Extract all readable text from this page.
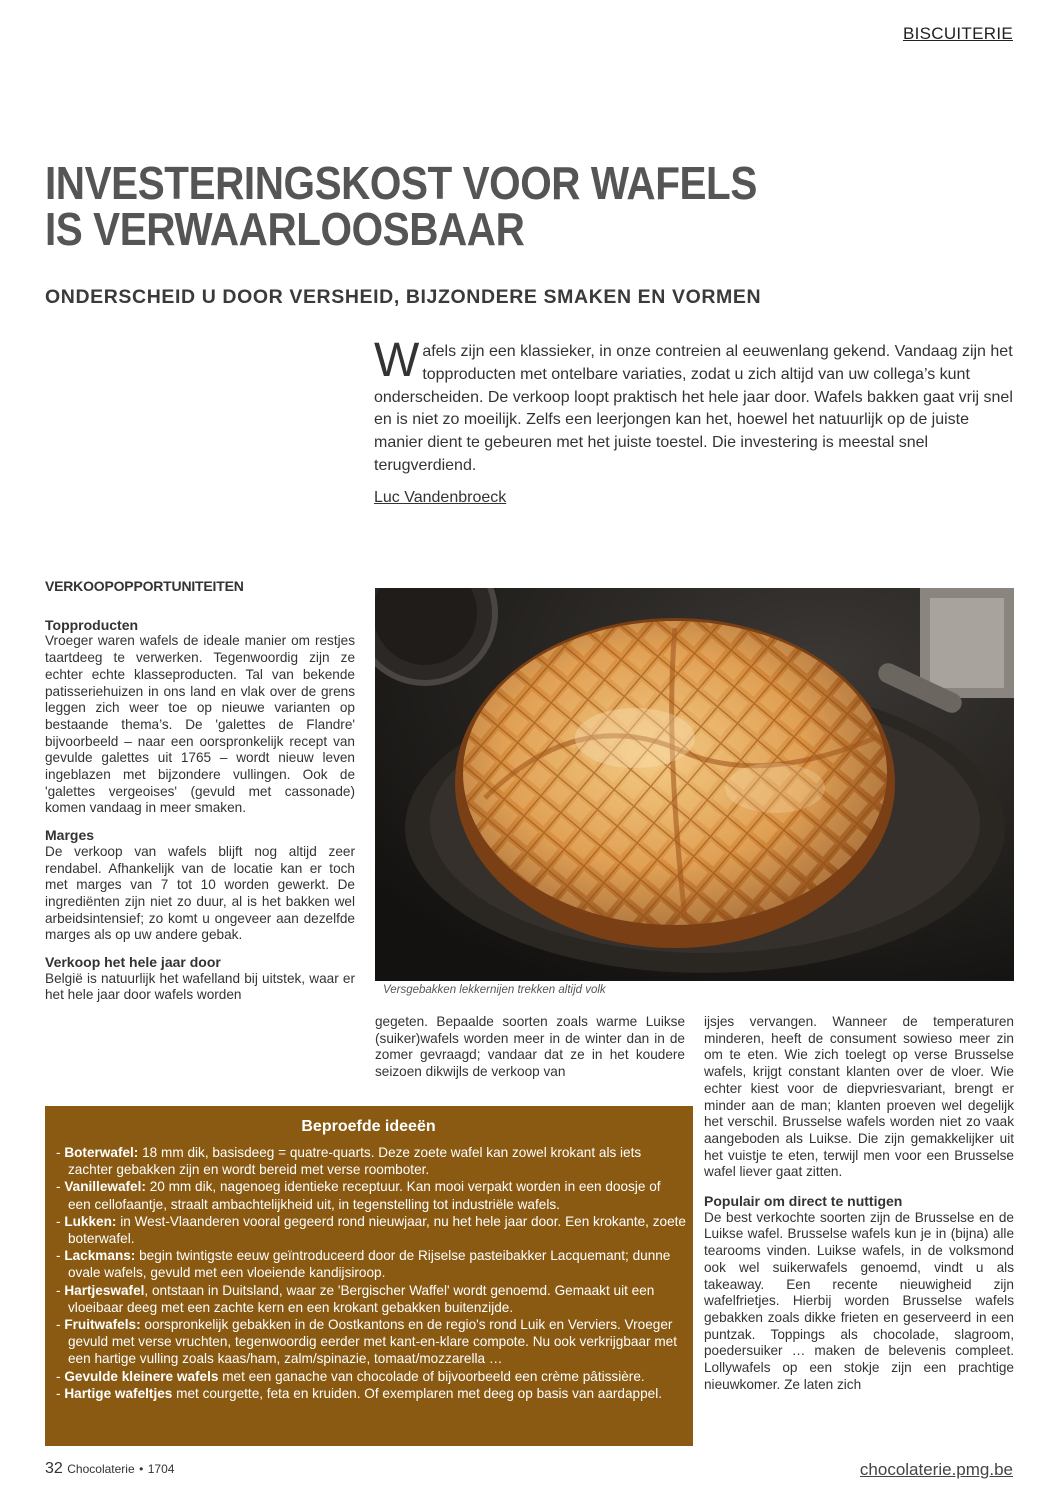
BISCUITERIE
INVESTERINGSKOST VOOR WAFELS
IS VERWAARLOOSBAAR
ONDERSCHEID U DOOR VERSHEID, BIJZONDERE SMAKEN EN VORMEN
Wafels zijn een klassieker, in onze contreien al eeuwenlang gekend. Vandaag zijn het topproducten met ontelbare variaties, zodat u zich altijd van uw collega’s kunt onderscheiden. De verkoop loopt praktisch het hele jaar door. Wafels bakken gaat vrij snel en is niet zo moeilijk. Zelfs een leerjongen kan het, hoewel het natuurlijk op de juiste manier dient te gebeuren met het juiste toestel. Die investering is meestal snel terugverdiend.
Luc Vandenbroeck
VERKOOPOPPORTUNITEITEN
Topproducten

Vroeger waren wafels de ideale manier om restjes taartdeeg te verwerken. Tegenwoordig zijn ze echter echte klasseproducten. Tal van bekende patisseriehuizen in ons land en vlak over de grens leggen zich weer toe op nieuwe varianten op bestaande thema’s. De 'galettes de Flandre' bijvoorbeeld – naar een oorspronkelijk recept van gevulde galettes uit 1765 – wordt nieuw leven ingeblazen met bijzondere vullingen. Ook de 'galettes vergeoises' (gevuld met cassonade) komen vandaag in meer smaken.

Marges

De verkoop van wafels blijft nog altijd zeer rendabel. Afhankelijk van de locatie kan er toch met marges van 7 tot 10 worden gewerkt. De ingrediënten zijn niet zo duur, al is het bakken wel arbeidsintensief; zo komt u ongeveer aan dezelfde marges als op uw andere gebak.

Verkoop het hele jaar door

België is natuurlijk het wafelland bij uitstek, waar er het hele jaar door wafels worden	Versgebakken lekkernijen trekken altijd volk

gegeten. Bepaalde soorten zoals warme Luikse (suiker)wafels worden meer in de winter dan in de zomer gevraagd; vandaar dat ze in het koudere seizoen dikwijls de verkoop van

ijsjes vervangen. Wanneer de temperaturen minderen, heeft de consument sowieso meer zin om te eten. Wie zich toelegt op verse Brusselse wafels, krijgt constant klanten over de vloer. Wie echter kiest voor de diepvriesvariant, brengt er minder aan de man; klanten proeven wel degelijk het verschil. Brusselse wafels worden niet zo vaak aangeboden als Luikse. Die zijn gemakkelijker uit het vuistje te eten, terwijl men voor een Brusselse wafel liever gaat zitten.

Populair om direct te nuttigen

De best verkochte soorten zijn de Brusselse en de Luikse wafel. Brusselse wafels kun je in (bijna) alle tearooms vinden. Luikse wafels, in de volksmond ook wel suikerwafels genoemd, vindt u als takeaway. Een recente nieuwigheid zijn wafelfrietjes. Hierbij worden Brusselse wafels gebakken zoals dikke frieten en geserveerd in een puntzak. Toppings als chocolade, slagroom, poedersuiker … maken de belevenis compleet. Lollywafels op een stokje zijn een prachtige nieuwkomer. Ze laten zich

Beproefde ideeën
- Boterwafel: 18 mm dik, basisdeeg = quatre-quarts. Deze zoete wafel kan zowel krokant als iets zachter gebakken zijn en wordt bereid met verse roomboter.
- Vanillewafel: 20 mm dik, nagenoeg identieke receptuur. Kan mooi verpakt worden in een doosje of een cellofaantje, straalt ambachtelijkheid uit, in tegenstelling tot industriële wafels.
- Lukken: in West-Vlaanderen vooral gegeerd rond nieuwjaar, nu het hele jaar door. Een krokante, zoete boterwafel.
- Lackmans: begin twintigste eeuw geïntroduceerd door de Rijselse pasteibakker Lacquemant; dunne ovale wafels, gevuld met een vloeiende kandijsiroop.
- Hartjeswafel, ontstaan in Duitsland, waar ze 'Bergischer Waffel' wordt genoemd. Gemaakt uit een vloeibaar deeg met een zachte kern en een krokant gebakken buitenzijde.
- Fruitwafels: oorspronkelijk gebakken in de Oostkantons en de regio's rond Luik en Verviers. Vroeger gevuld met verse vruchten, tegenwoordig eerder met kant-en-klare compote. Nu ook verkrijgbaar met een hartige vulling zoals kaas/ham, zalm/spinazie, tomaat/mozzarella …
- Gevulde kleinere wafels met een ganache van chocolade of bijvoorbeeld een crème pâtissière.
- Hartige wafeltjes met courgette, feta en kruiden. Of exemplaren met deeg op basis van aardappel.
32 Chocolaterie • 1704	chocolaterie.pmg.be
